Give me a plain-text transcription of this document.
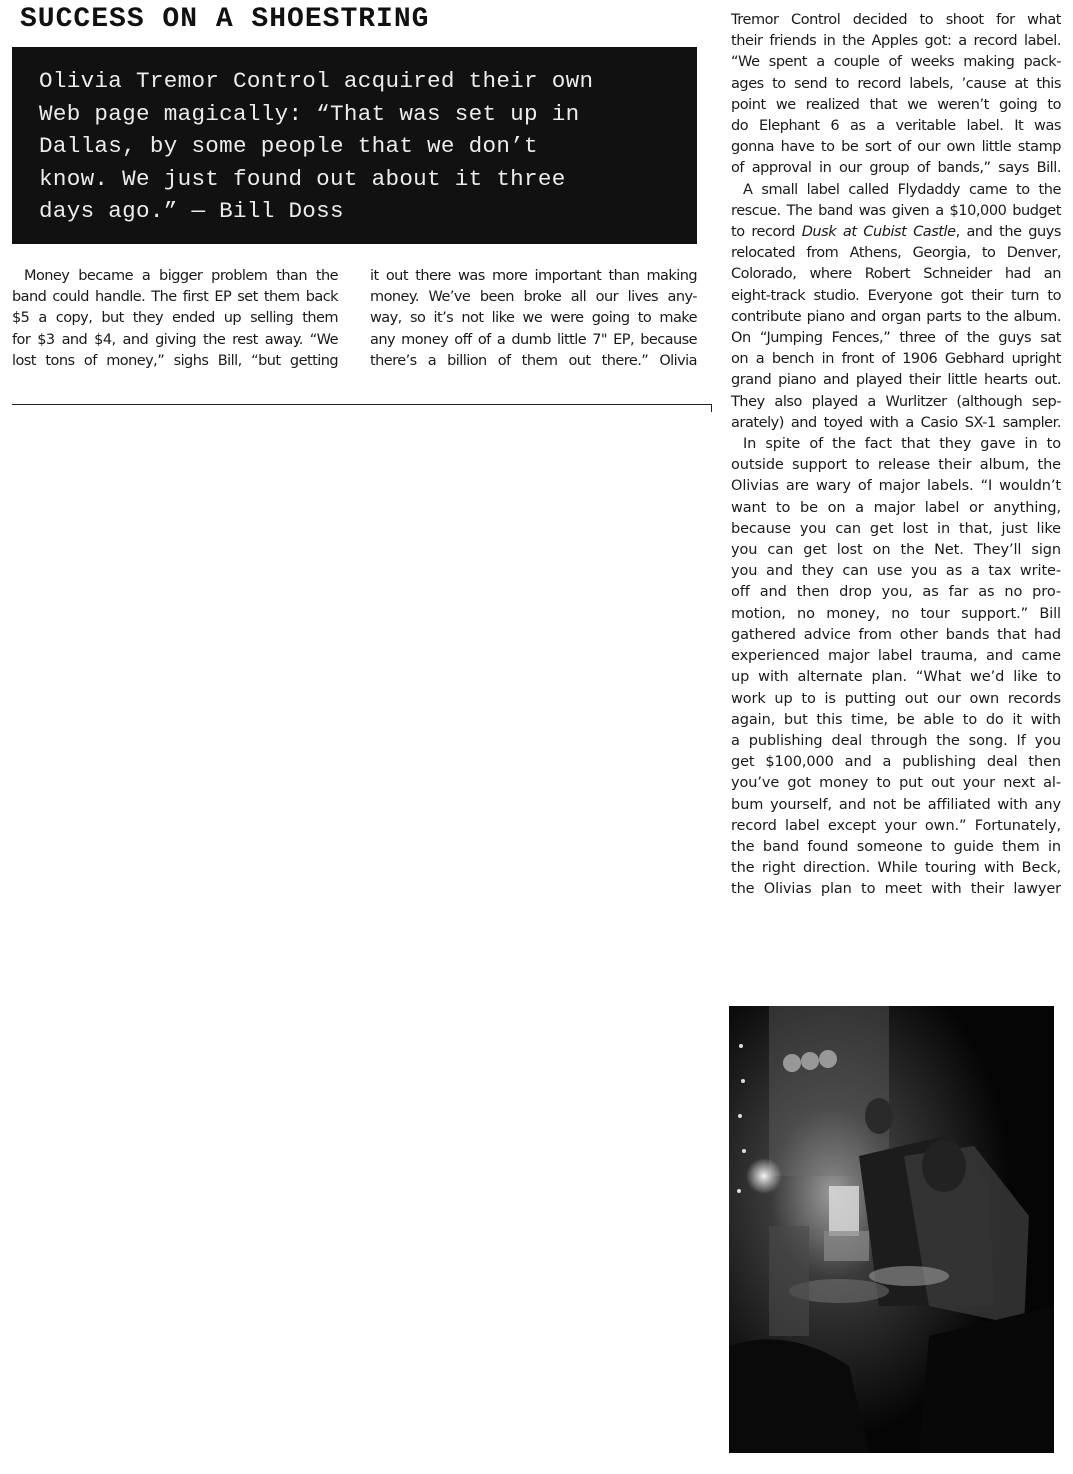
SUCCESS ON A SHOESTRING
Olivia Tremor Control acquired their own
Web page magically: “That was set up in
Dallas, by some people that we don’t
know. We just found out about it three
days ago.” — Bill Doss
Money became a bigger problem than the
band could handle. The first EP set them back
$5 a copy, but they ended up selling them
for $3 and $4, and giving the rest away. “We
lost tons of money,” sighs Bill, “but getting
it out there was more important than making
money. We’ve been broke all our lives any-
way, so it’s not like we were going to make
any money off of a dumb little 7" EP, because
there’s a billion of them out there.” Olivia
Tremor Control decided to shoot for what
their friends in the Apples got: a record label.
“We spent a couple of weeks making pack-
ages to send to record labels, ’cause at this
point we realized that we weren’t going to
do Elephant 6 as a veritable label. It was
gonna have to be sort of our own little stamp
of approval in our group of bands,” says Bill.
A small label called Flydaddy came to the
rescue. The band was given a $10,000 budget
to record Dusk at Cubist Castle, and the guys
relocated from Athens, Georgia, to Denver,
Colorado, where Robert Schneider had an
eight-track studio. Everyone got their turn to
contribute piano and organ parts to the album.
On “Jumping Fences,” three of the guys sat
on a bench in front of 1906 Gebhard upright
grand piano and played their little hearts out.
They also played a Wurlitzer (although sep-
arately) and toyed with a Casio SX-1 sampler.
In spite of the fact that they gave in to
outside support to release their album, the
Olivias are wary of major labels. “I wouldn’t
want to be on a major label or anything,
because you can get lost in that, just like
you can get lost on the Net. They’ll sign
you and they can use you as a tax write-
off and then drop you, as far as no pro-
motion, no money, no tour support.” Bill
gathered advice from other bands that had
experienced major label trauma, and came
up with alternate plan. “What we’d like to
work up to is putting out our own records
again, but this time, be able to do it with
a publishing deal through the song. If you
get $100,000 and a publishing deal then
you’ve got money to put out your next al-
bum yourself, and not be affiliated with any
record label except your own.” Fortunately,
the band found someone to guide them in
the right direction. While touring with Beck,
the Olivias plan to meet with their lawyer
